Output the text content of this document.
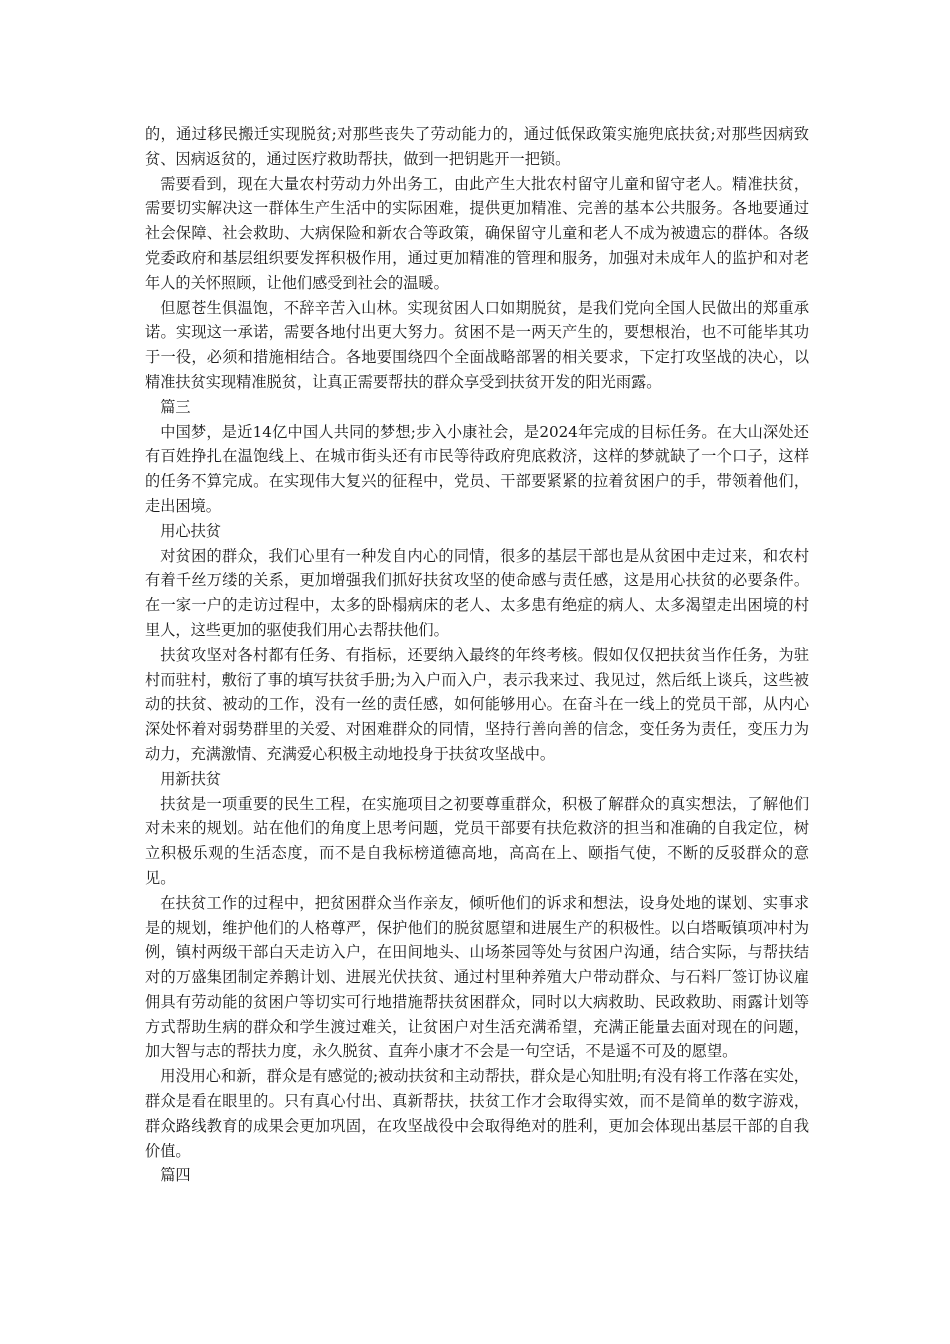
的，通过移民搬迁实现脱贫;对那些丧失了劳动能力的，通过低保政策实施兜底扶贫;对那些因病致贫、因病返贫的，通过医疗救助帮扶，做到一把钥匙开一把锁。

需要看到，现在大量农村劳动力外出务工，由此产生大批农村留守儿童和留守老人。精准扶贫，需要切实解决这一群体生产生活中的实际困难，提供更加精准、完善的基本公共服务。各地要通过社会保障、社会救助、大病保险和新农合等政策，确保留守儿童和老人不成为被遗忘的群体。各级党委政府和基层组织要发挥积极作用，通过更加精准的管理和服务，加强对未成年人的监护和对老年人的关怀照顾，让他们感受到社会的温暖。

但愿苍生俱温饱，不辞辛苦入山林。实现贫困人口如期脱贫，是我们党向全国人民做出的郑重承诺。实现这一承诺，需要各地付出更大努力。贫困不是一两天产生的，要想根治，也不可能毕其功于一役，必须和措施相结合。各地要围绕四个全面战略部署的相关要求，下定打攻坚战的决心，以精准扶贫实现精准脱贫，让真正需要帮扶的群众享受到扶贫开发的阳光雨露。

篇三

中国梦，是近14亿中国人共同的梦想;步入小康社会，是2024年完成的目标任务。在大山深处还有百姓挣扎在温饱线上、在城市街头还有市民等待政府兜底救济，这样的梦就缺了一个口子，这样的任务不算完成。在实现伟大复兴的征程中，党员、干部要紧紧的拉着贫困户的手，带领着他们，走出困境。

用心扶贫

对贫困的群众，我们心里有一种发自内心的同情，很多的基层干部也是从贫困中走过来，和农村有着千丝万缕的关系，更加增强我们抓好扶贫攻坚的使命感与责任感，这是用心扶贫的必要条件。在一家一户的走访过程中，太多的卧榻病床的老人、太多患有绝症的病人、太多渴望走出困境的村里人，这些更加的驱使我们用心去帮扶他们。

扶贫攻坚对各村都有任务、有指标，还要纳入最终的年终考核。假如仅仅把扶贫当作任务，为驻村而驻村，敷衍了事的填写扶贫手册;为入户而入户，表示我来过、我见过，然后纸上谈兵，这些被动的扶贫、被动的工作，没有一丝的责任感，如何能够用心。在奋斗在一线上的党员干部，从内心深处怀着对弱势群里的关爱、对困难群众的同情，坚持行善向善的信念，变任务为责任，变压力为动力，充满激情、充满爱心积极主动地投身于扶贫攻坚战中。

用新扶贫

扶贫是一项重要的民生工程，在实施项目之初要尊重群众，积极了解群众的真实想法，了解他们对未来的规划。站在他们的角度上思考问题，党员干部要有扶危救济的担当和准确的自我定位，树立积极乐观的生活态度，而不是自我标榜道德高地，高高在上、颐指气使，不断的反驳群众的意见。

在扶贫工作的过程中，把贫困群众当作亲友，倾听他们的诉求和想法，设身处地的谋划、实事求是的规划，维护他们的人格尊严，保护他们的脱贫愿望和进展生产的积极性。以白塔畈镇项冲村为例，镇村两级干部白天走访入户，在田间地头、山场茶园等处与贫困户沟通，结合实际，与帮扶结对的万盛集团制定养鹅计划、进展光伏扶贫、通过村里种养殖大户带动群众、与石料厂签订协议雇佣具有劳动能的贫困户等切实可行地措施帮扶贫困群众，同时以大病救助、民政救助、雨露计划等方式帮助生病的群众和学生渡过难关，让贫困户对生活充满希望，充满正能量去面对现在的问题，加大智与志的帮扶力度，永久脱贫、直奔小康才不会是一句空话，不是遥不可及的愿望。

用没用心和新，群众是有感觉的;被动扶贫和主动帮扶，群众是心知肚明;有没有将工作落在实处，群众是看在眼里的。只有真心付出、真新帮扶，扶贫工作才会取得实效，而不是简单的数字游戏，群众路线教育的成果会更加巩固，在攻坚战役中会取得绝对的胜利，更加会体现出基层干部的自我价值。

篇四
